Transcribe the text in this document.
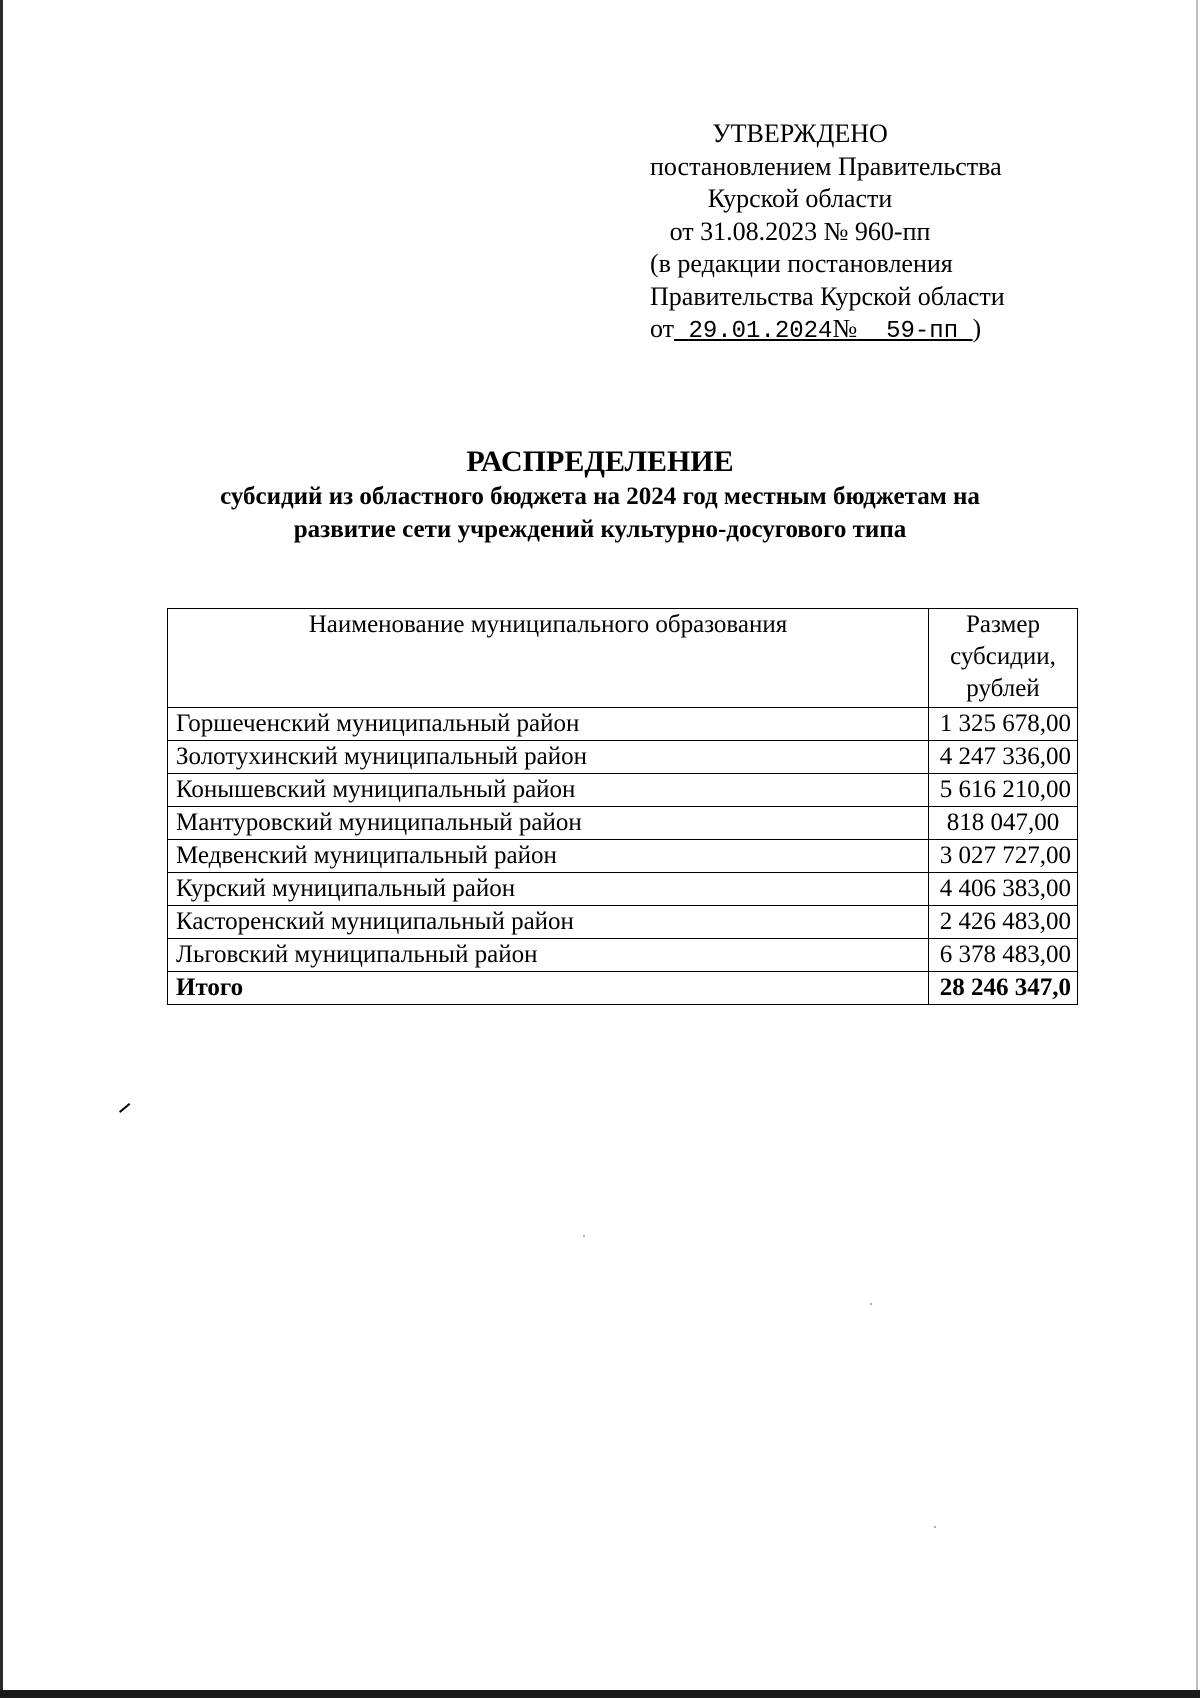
УТВЕРЖДЕНО
постановлением Правительства
Курской области
от 31.08.2023 № 960-пп
(в редакции постановления
Правительства Курской области
от 29.01.2024№ 59-пп )
РАСПРЕДЕЛЕНИЕ
субсидий из областного бюджета на 2024 год местным бюджетам на
развитие сети учреждений культурно-досугового типа
Наименование муниципального образования	Размер
субсидии,
рублей

Горшеченский муниципальный район	1 325 678,00
Золотухинский муниципальный район	4 247 336,00
Конышевский муниципальный район	5 616 210,00
Мантуровский муниципальный район	818 047,00
Медвенский муниципальный район	3 027 727,00
Курский муниципальный район	4 406 383,00
Касторенский муниципальный район	2 426 483,00
Льговский муниципальный район	6 378 483,00
Итого	28 246 347,0
